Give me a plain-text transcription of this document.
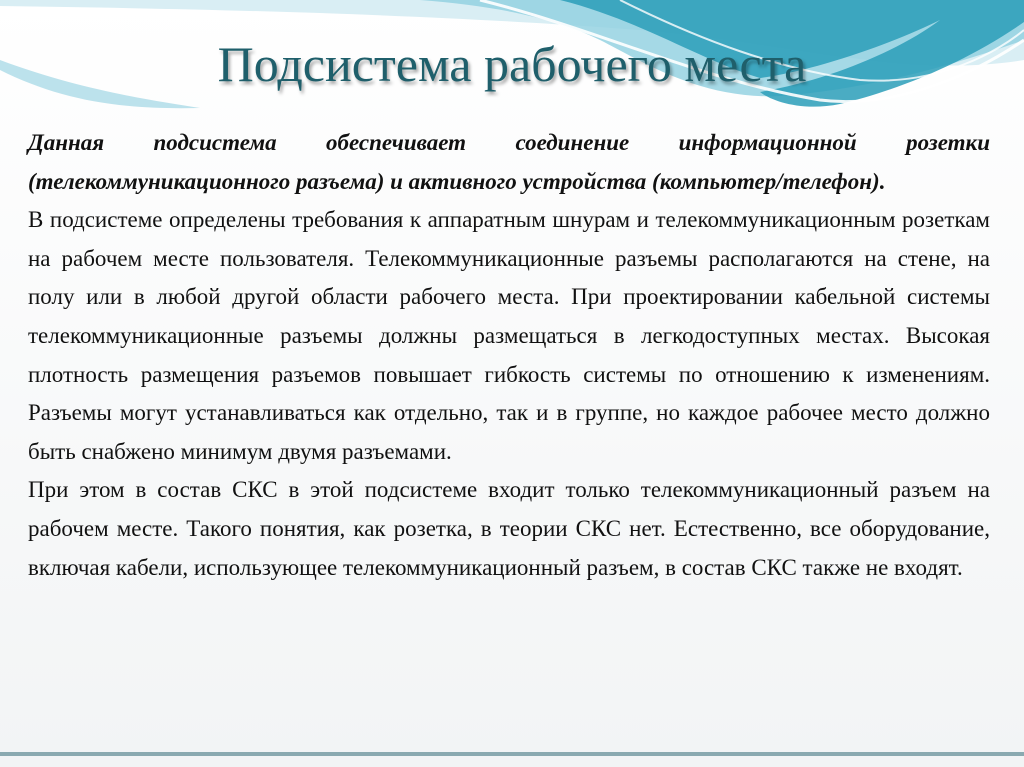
Подсистема рабочего места

Данная подсистема обеспечивает соединение информационной розетки (телекоммуникационного разъема) и активного устройства (компьютер/телефон).

В подсистеме определены требования к аппаратным шнурам и телекоммуникационным розеткам на рабочем месте пользователя. Телекоммуникационные разъемы располагаются на стене, на полу или в любой другой области рабочего места. При проектировании кабельной системы телекоммуникационные разъемы должны размещаться в легкодоступных местах. Высокая плотность размещения разъемов повышает гибкость системы по отношению к изменениям. Разъемы могут устанавливаться как отдельно, так и в группе, но каждое рабочее место должно быть снабжено минимум двумя разъемами.

При этом в состав СКС в этой подсистеме входит только телекоммуникационный разъем на рабочем месте. Такого понятия, как розетка, в теории СКС нет. Естественно, все оборудование, включая кабели, использующее телекоммуникационный разъем, в состав СКС также не входят.
